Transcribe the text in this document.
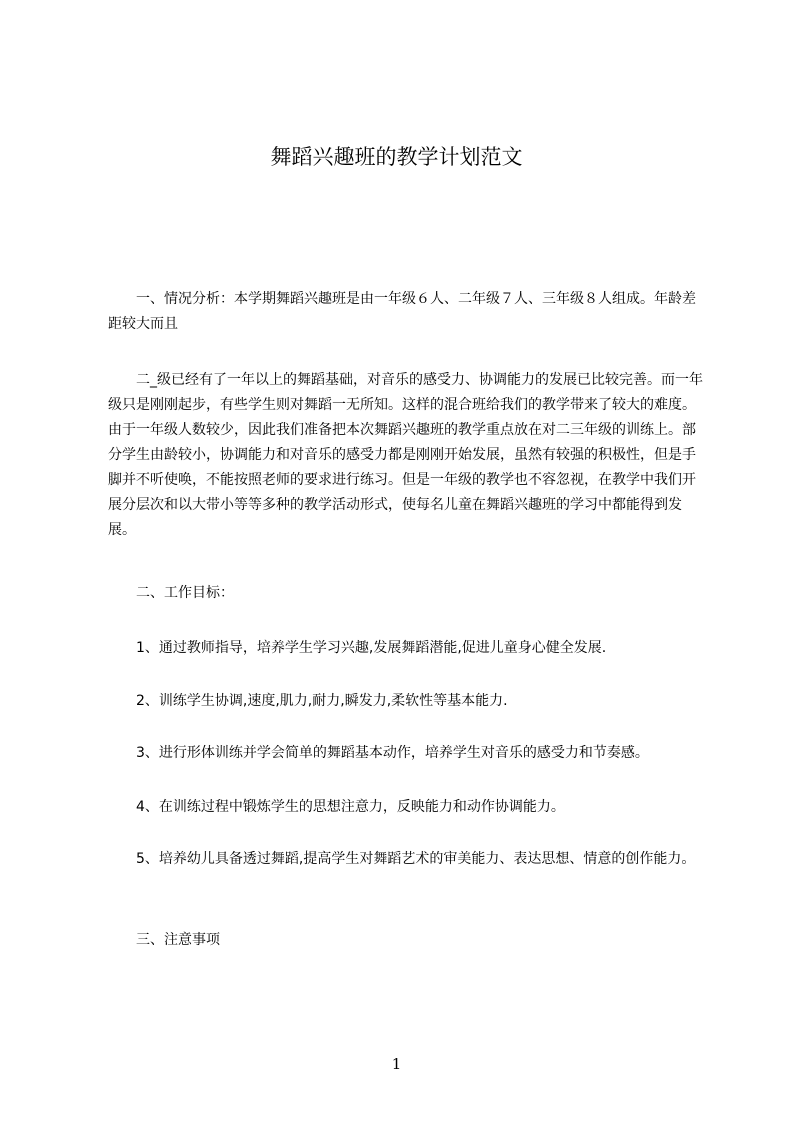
舞蹈兴趣班的教学计划范文

一、情况分析：本学期舞蹈兴趣班是由一年级６人、二年级７人、三年级８人组成。年龄差距较大而且

二_级已经有了一年以上的舞蹈基础，对音乐的感受力、协调能力的发展已比较完善。而一年级只是刚刚起步，有些学生则对舞蹈一无所知。这样的混合班给我们的教学带来了较大的难度。由于一年级人数较少，因此我们准备把本次舞蹈兴趣班的教学重点放在对二三年级的训练上。部分学生由龄较小，协调能力和对音乐的感受力都是刚刚开始发展，虽然有较强的积极性，但是手脚并不听使唤，不能按照老师的要求进行练习。但是一年级的教学也不容忽视，在教学中我们开展分层次和以大带小等等多种的教学活动形式，使每名儿童在舞蹈兴趣班的学习中都能得到发展。

二、工作目标：

1、通过教师指导，培养学生学习兴趣,发展舞蹈潜能,促进儿童身心健全发展.

2、训练学生协调,速度,肌力,耐力,瞬发力,柔软性等基本能力.

3、进行形体训练并学会简单的舞蹈基本动作，培养学生对音乐的感受力和节奏感。

4、在训练过程中锻炼学生的思想注意力，反映能力和动作协调能力。

5、培养幼儿具备透过舞蹈,提高学生对舞蹈艺术的审美能力、表达思想、情意的创作能力。

三、注意事项

1
